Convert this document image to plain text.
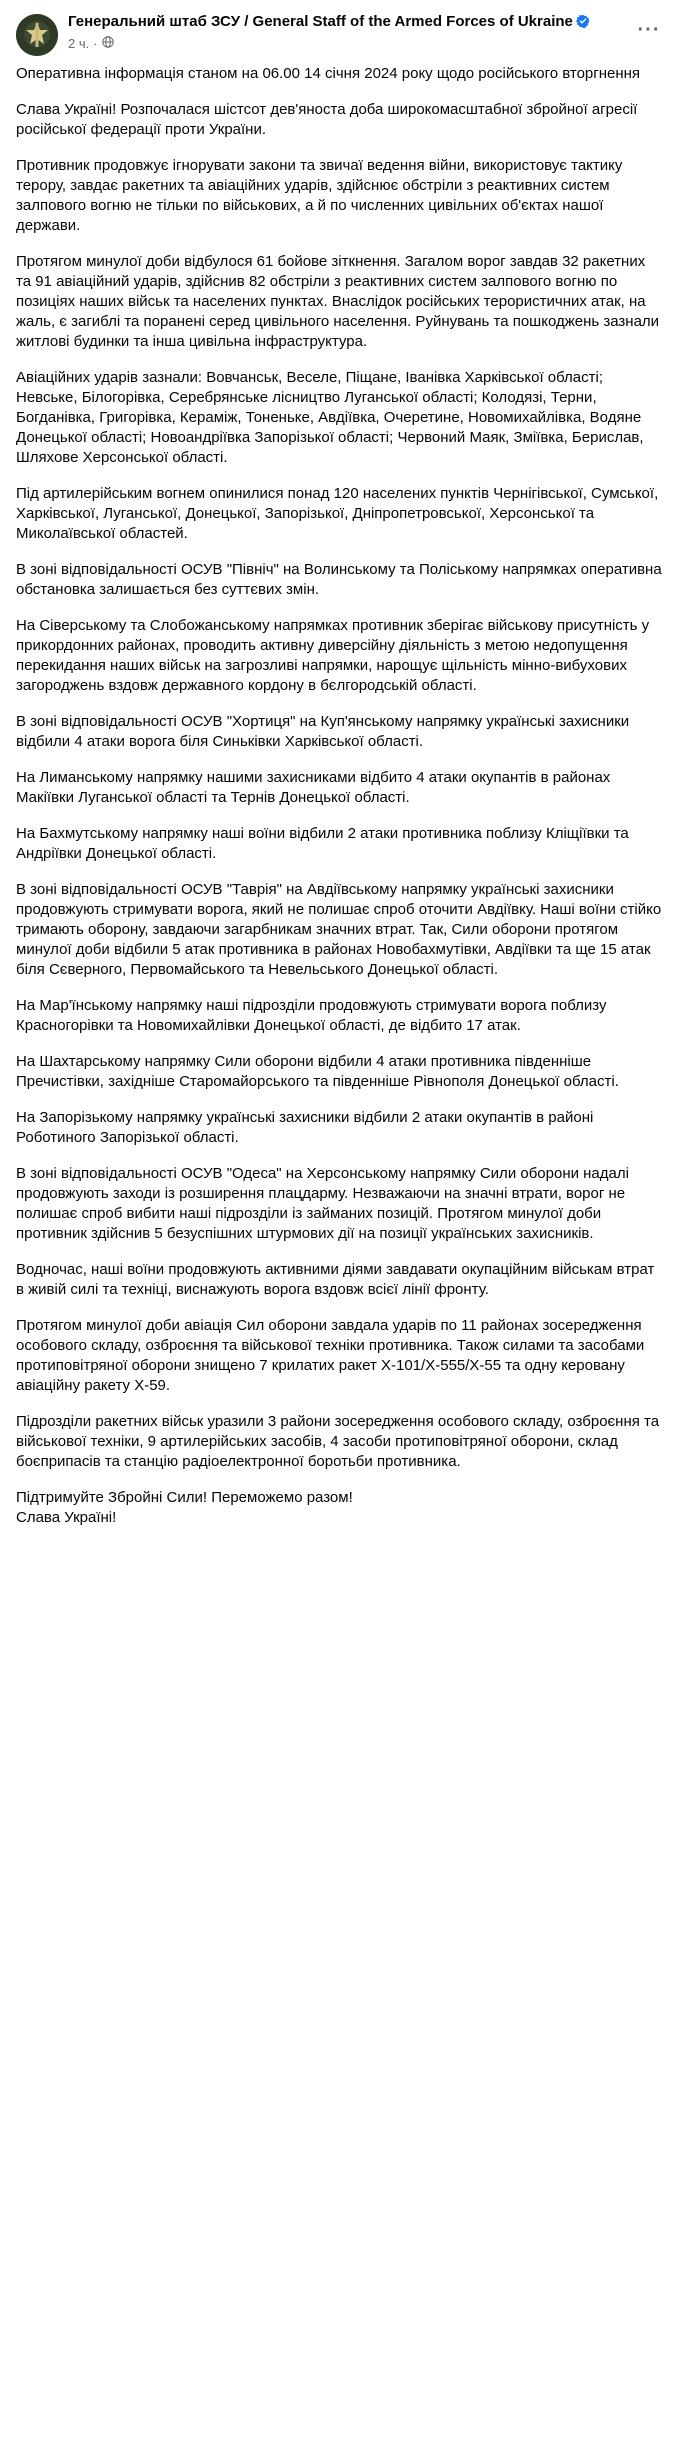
Генеральний штаб ЗСУ / General Staff of the Armed Forces of Ukraine
2 ч. ·
···

Оперативна інформація станом на 06.00 14 січня 2024 року щодо російського вторгнення

Слава Україні! Розпочалася шістсот дев'яноста доба широкомасштабної збройної агресії російської федерації проти України.

Противник продовжує ігнорувати закони та звичаї ведення війни, використовує тактику терору, завдає ракетних та авіаційних ударів, здійснює обстріли з реактивних систем залпового вогню не тільки по військових, а й по численних цивільних об'єктах нашої держави.

Протягом минулої доби відбулося 61 бойове зіткнення. Загалом ворог завдав 32 ракетних та 91 авіаційний ударів, здійснив 82 обстріли з реактивних систем залпового вогню по позиціях наших військ та населених пунктах. Внаслідок російських терористичних атак, на жаль, є загиблі та поранені серед цивільного населення. Руйнувань та пошкоджень зазнали житлові будинки та інша цивільна інфраструктура.

Авіаційних ударів зазнали: Вовчанськ, Веселе, Піщане, Іванівка Харківської області; Невське, Білогорівка, Серебрянське лісництво Луганської області; Колодязі, Терни, Богданівка, Григорівка, Кераміж, Тоненьке, Авдіївка, Очеретине, Новомихайлівка, Водяне Донецької області; Новоандріївка Запорізької області; Червоний Маяк, Зміївка, Берислав, Шляхове Херсонської області.

Під артилерійським вогнем опинилися понад 120 населених пунктів Чернігівської, Сумської, Харківської, Луганської, Донецької, Запорізької, Дніпропетровської, Херсонської та Миколаївської областей.

В зоні відповідальності ОСУВ "Північ" на Волинському та Поліському напрямках оперативна обстановка залишається без суттєвих змін.

На Сіверському та Слобожанському напрямках противник зберігає військову присутність у прикордонних районах, проводить активну диверсійну діяльність з метою недопущення перекидання наших військ на загрозливі напрямки, нарощує щільність мінно-вибухових загороджень вздовж державного кордону в бєлгородській області.

В зоні відповідальності ОСУВ "Хортиця" на Куп'янському напрямку українські захисники відбили 4 атаки ворога біля Синьківки Харківської області.

На Лиманському напрямку нашими захисниками відбито 4 атаки окупантів в районах Макіївки Луганської області та Тернів Донецької області.

На Бахмутському напрямку наші воїни відбили 2 атаки противника поблизу Кліщіївки та Андріївки Донецької області.

В зоні відповідальності ОСУВ "Таврія" на Авдіївському напрямку українські захисники продовжують стримувати ворога, який не полишає спроб оточити Авдіївку. Наші воїни стійко тримають оборону, завдаючи загарбникам значних втрат. Так, Сили оборони протягом минулої доби відбили 5 атак противника в районах Новобахмутівки, Авдіївки та ще 15 атак біля Сєверного, Первомайського та Невельського Донецької області.

На Мар'їнському напрямку наші підрозділи продовжують стримувати ворога поблизу Красногорівки та Новомихайлівки Донецької області, де відбито 17 атак.

На Шахтарському напрямку Сили оборони відбили 4 атаки противника південніше Пречистівки, західніше Старомайорського та південніше Рівнополя Донецької області.

На Запорізькому напрямку українські захисники відбили 2 атаки окупантів в районі Роботиного Запорізької області.

В зоні відповідальності ОСУВ "Одеса" на Херсонському напрямку Сили оборони надалі продовжують заходи із розширення плацдарму. Незважаючи на значні втрати, ворог не полишає спроб вибити наші підрозділи із займаних позицій. Протягом минулої доби противник здійснив 5 безуспішних штурмових дії на позиції українських захисників.

Водночас, наші воїни продовжують активними діями завдавати окупаційним військам втрат в живій силі та техніці, виснажують ворога вздовж всієї лінії фронту.

Протягом минулої доби авіація Сил оборони завдала ударів по 11 районах зосередження особового складу, озброєння та військової техніки противника. Також силами та засобами протиповітряної оборони знищено 7 крилатих ракет Х-101/Х-555/Х-55 та одну керовану авіаційну ракету Х-59.

Підрозділи ракетних військ уразили 3 райони зосередження особового складу, озброєння та військової техніки, 9 артилерійських засобів, 4 засоби протиповітряної оборони, склад боєприпасів та станцію радіоелектронної боротьби противника.

Підтримуйте Збройні Сили! Переможемо разом!

Слава Україні!
